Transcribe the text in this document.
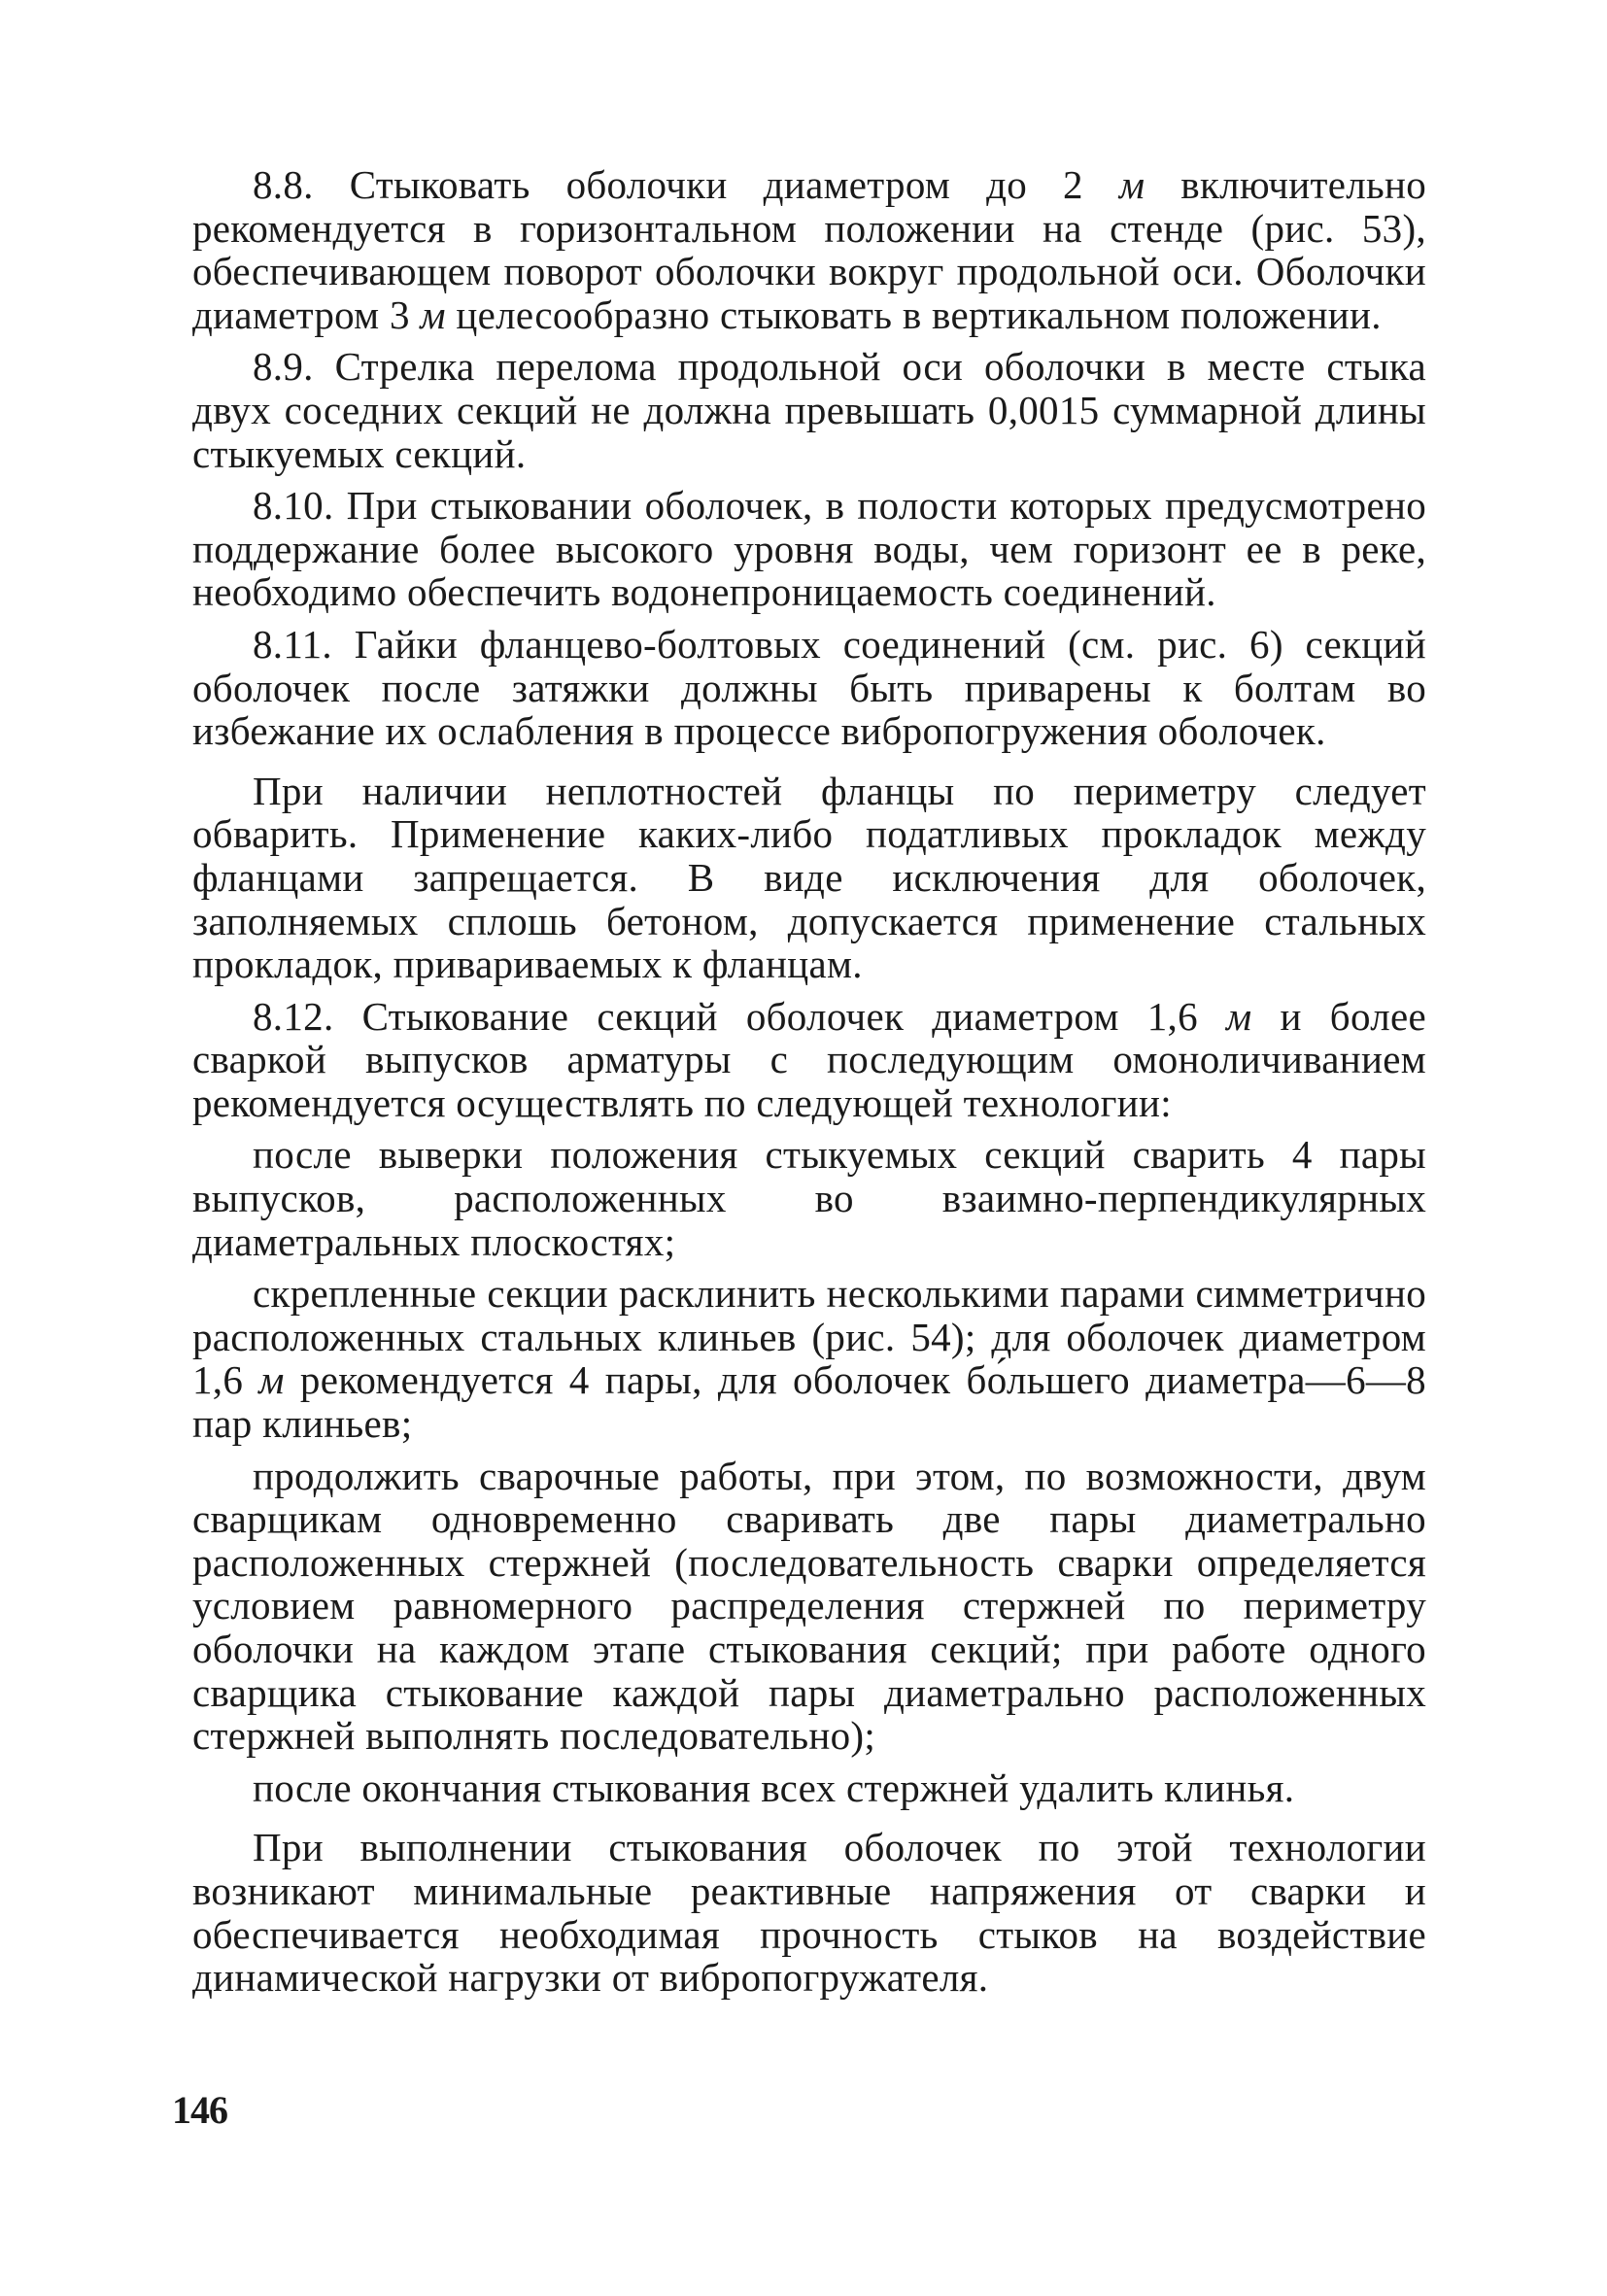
8.8. Стыковать оболочки диаметром до 2 м включительно рекомендуется в горизонтальном положении на стенде (рис. 53), обеспечивающем поворот оболочки вокруг продольной оси. Оболочки диаметром 3 м целесообразно стыковать в вертикальном положении.

8.9. Стрелка перелома продольной оси оболочки в месте стыка двух соседних секций не должна превышать 0,0015 суммарной длины стыкуемых секций.

8.10. При стыковании оболочек, в полости которых предусмотрено поддержание более высокого уровня воды, чем горизонт ее в реке, необходимо обеспечить водонепроницаемость соединений.

8.11. Гайки фланцево-болтовых соединений (см. рис. 6) секций оболочек после затяжки должны быть приварены к болтам во избежание их ослабления в процессе вибропогружения оболочек.

При наличии неплотностей фланцы по периметру следует обварить. Применение каких-либо податливых прокладок между фланцами запрещается. В виде исключения для оболочек, заполняемых сплошь бетоном, допускается применение стальных прокладок, привариваемых к фланцам.

8.12. Стыкование секций оболочек диаметром 1,6 м и более сваркой выпусков арматуры с последующим омоноличиванием рекомендуется осуществлять по следующей технологии:

после выверки положения стыкуемых секций сварить 4 пары выпусков, расположенных во взаимно-перпендикулярных диаметральных плоскостях;

скрепленные секции расклинить несколькими парами симметрично расположенных стальных клиньев (рис. 54); для оболочек диаметром 1,6 м рекомендуется 4 пары, для оболочек бо́льшего диаметра—6—8 пар клиньев;

продолжить сварочные работы, при этом, по возможности, двум сварщикам одновременно сваривать две пары диаметрально расположенных стержней (последовательность сварки определяется условием равномерного распределения стержней по периметру оболочки на каждом этапе стыкования секций; при работе одного сварщика стыкование каждой пары диаметрально расположенных стержней выполнять последовательно);

после окончания стыкования всех стержней удалить клинья.

При выполнении стыкования оболочек по этой технологии возникают минимальные реактивные напряжения от сварки и обеспечивается необходимая прочность стыков на воздействие динамической нагрузки от вибропогружателя.

146
